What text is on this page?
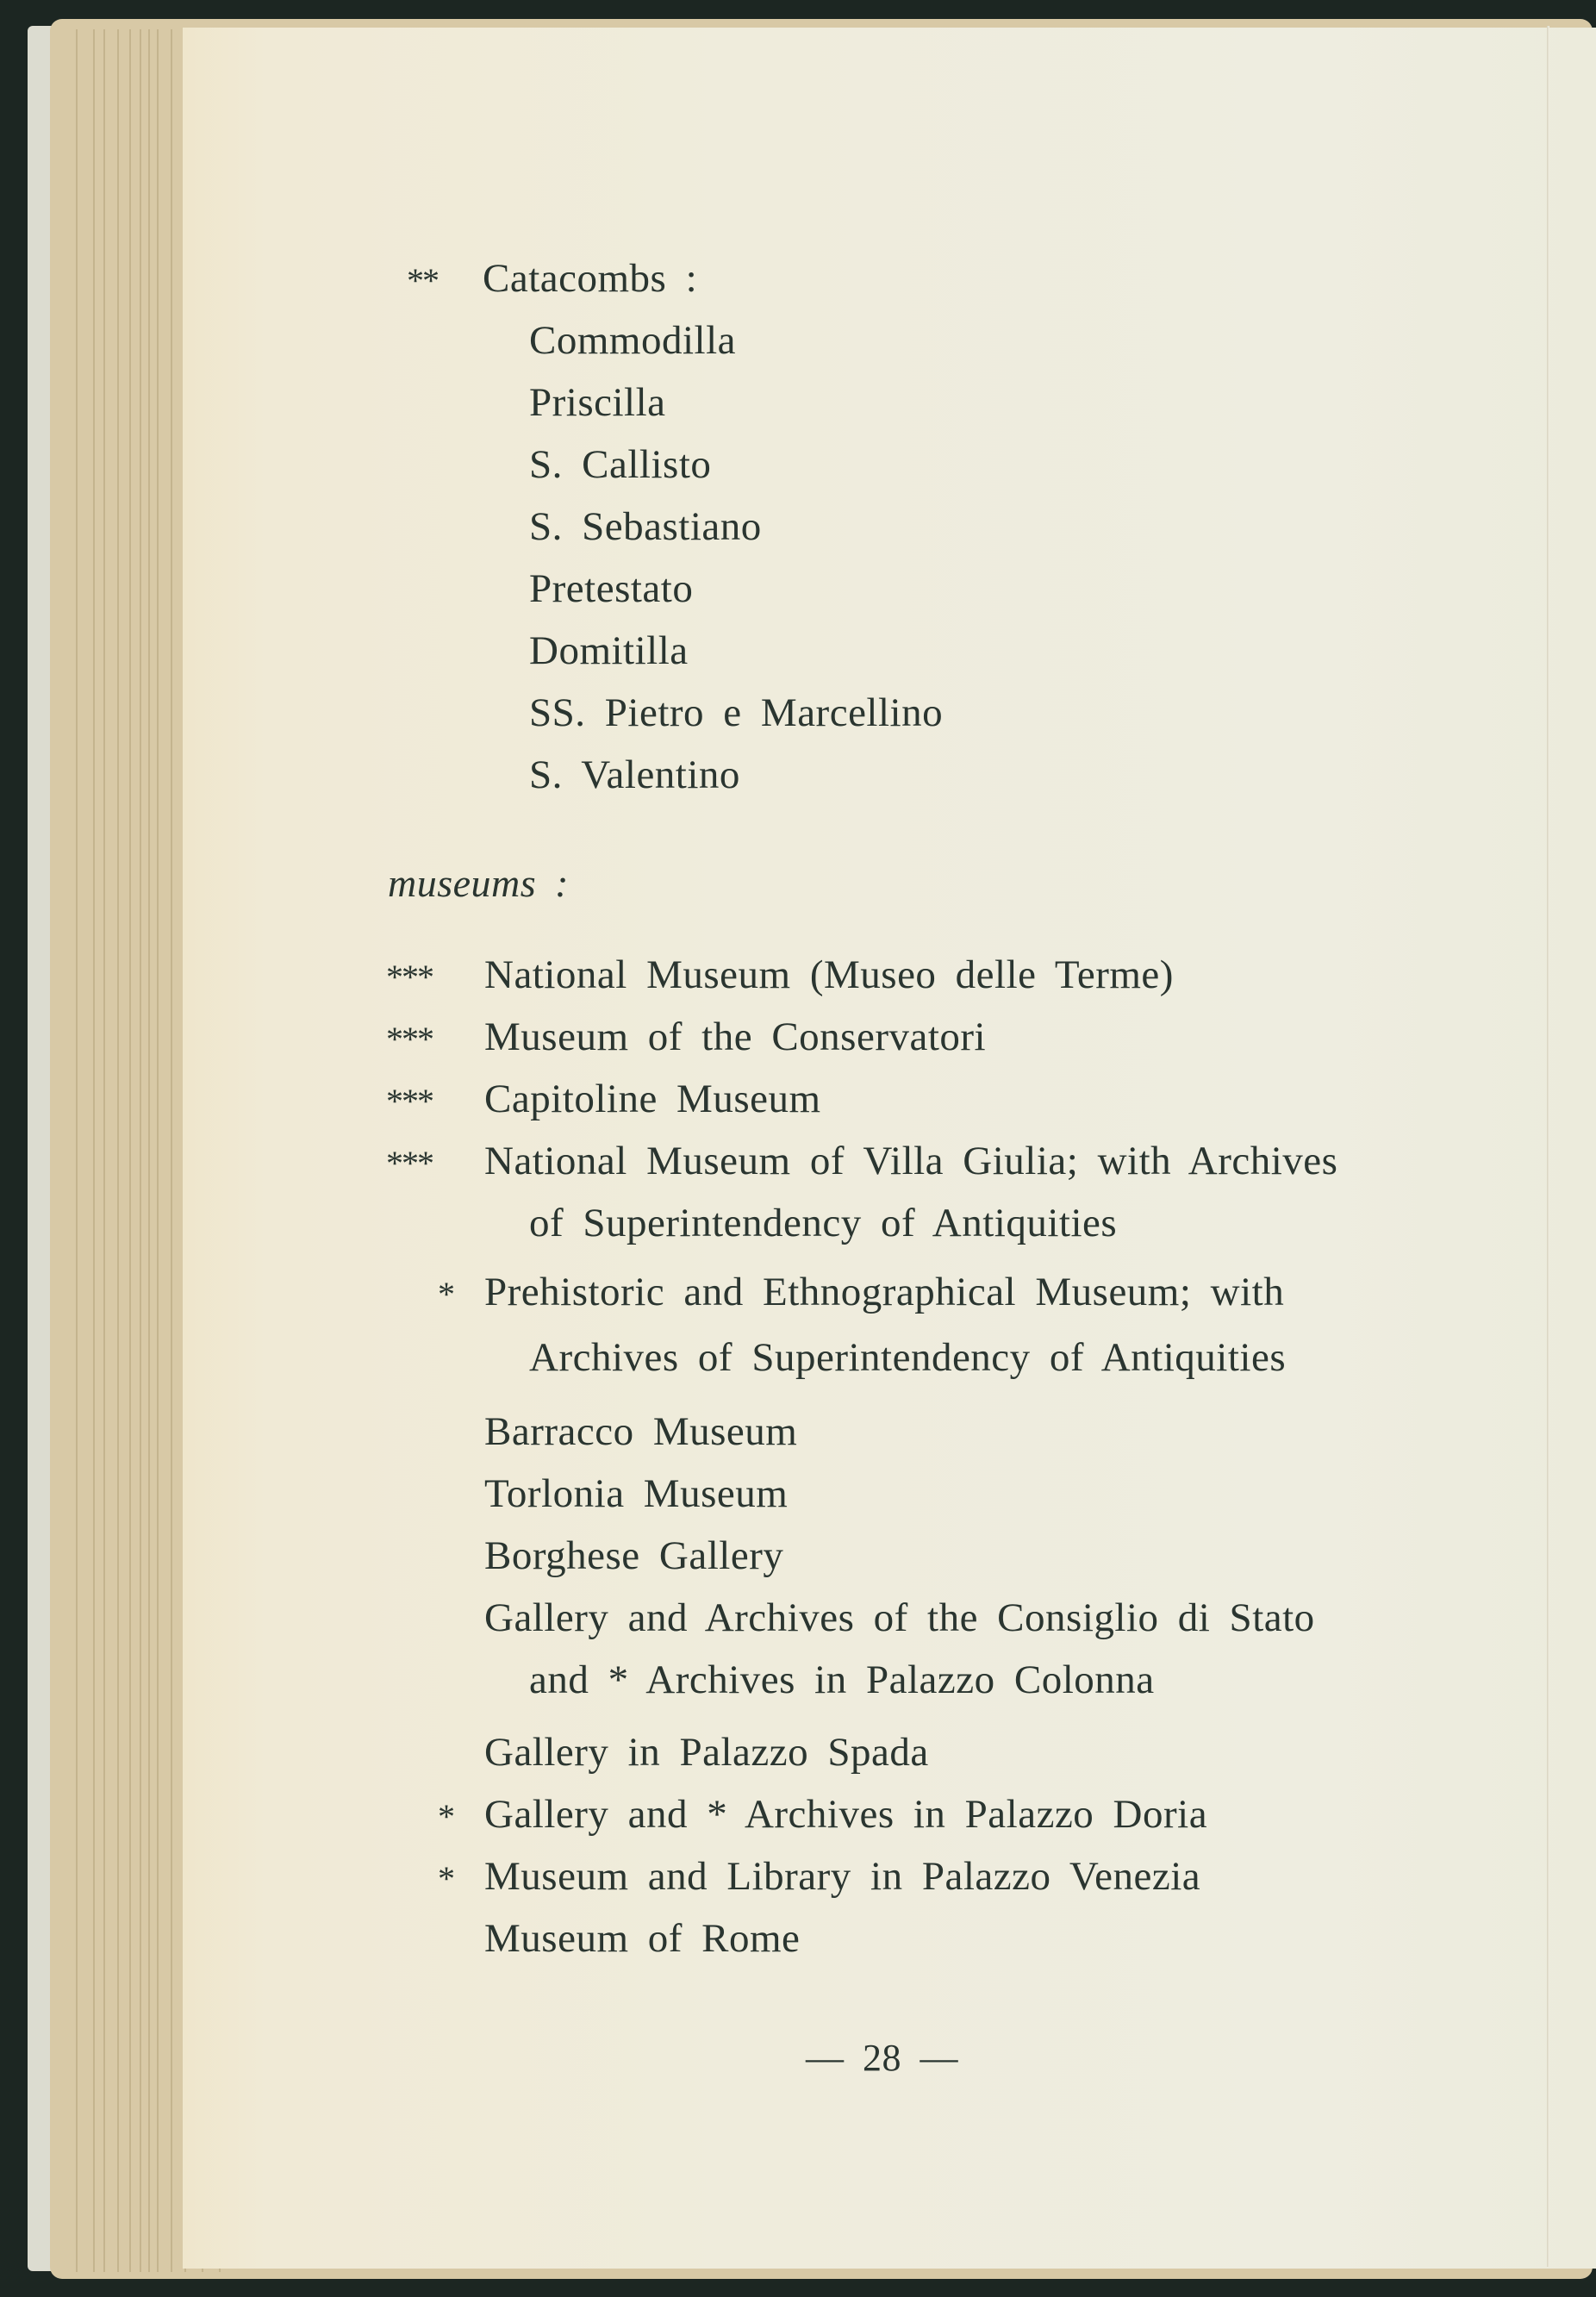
** Catacombs :
Commodilla
Priscilla
S. Callisto
S. Sebastiano
Pretestato
Domitilla
SS. Pietro e Marcellino
S. Valentino
museums :
*** National Museum (Museo delle Terme)
*** Museum of the Conservatori
*** Capitoline Museum
*** National Museum of Villa Giulia; with Archives
of Superintendency of Antiquities
* Prehistoric and Ethnographical Museum; with
Archives of Superintendency of Antiquities
Barracco Museum
Torlonia Museum
Borghese Gallery
Gallery and Archives of the Consiglio di Stato
and * Archives in Palazzo Colonna
Gallery in Palazzo Spada
* Gallery and * Archives in Palazzo Doria
* Museum and Library in Palazzo Venezia
Museum of Rome
— 28 —
